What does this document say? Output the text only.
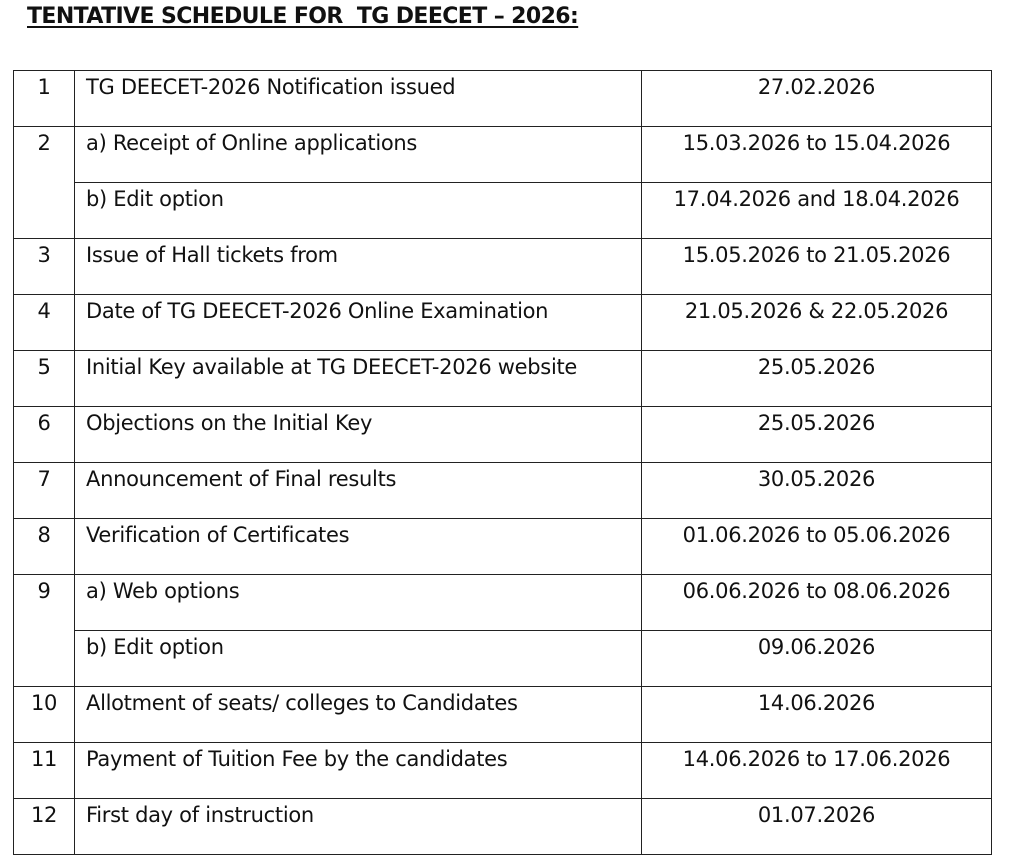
TENTATIVE SCHEDULE FOR  TG DEECET – 2026:
1	TG DEECET-2026 Notification issued	27.02.2026
2	a) Receipt of Online applications	15.03.2026 to 15.04.2026
	b) Edit option	17.04.2026 and 18.04.2026
3	Issue of Hall tickets from	15.05.2026 to 21.05.2026
4	Date of TG DEECET-2026 Online Examination	21.05.2026 & 22.05.2026
5	Initial Key available at TG DEECET-2026 website	25.05.2026
6	Objections on the Initial Key	25.05.2026
7	Announcement of Final results	30.05.2026
8	Verification of Certificates	01.06.2026 to 05.06.2026
9	a) Web options	06.06.2026 to 08.06.2026
	b) Edit option	09.06.2026
10	Allotment of seats/ colleges to Candidates	14.06.2026
11	Payment of Tuition Fee by the candidates	14.06.2026 to 17.06.2026
12	First day of instruction	01.07.2026
